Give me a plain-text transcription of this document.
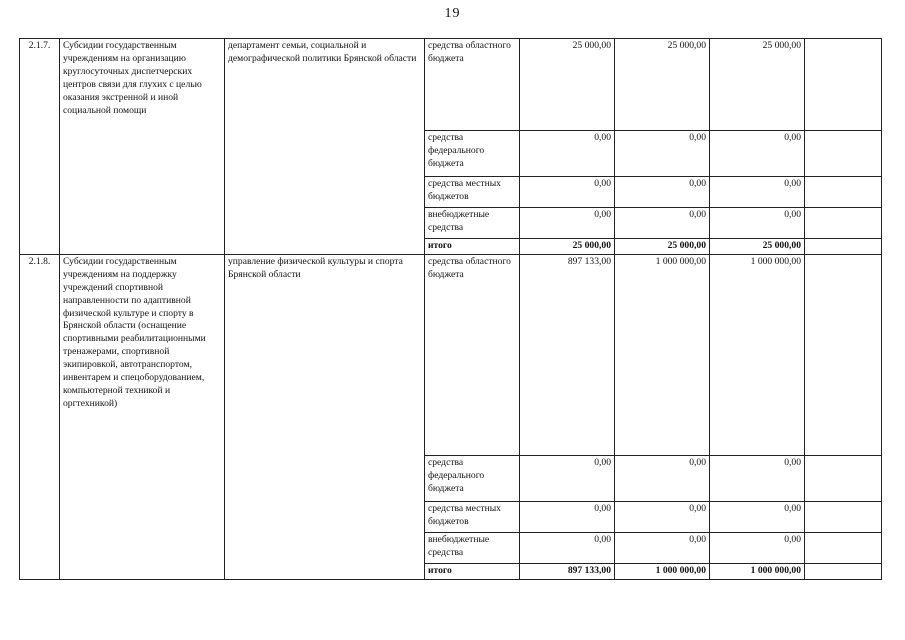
19
2.1.7.	Субсидии государственным учреждениям на организацию круглосуточных диспетчерских центров связи для глухих с целью оказания экстренной и иной социальной помощи	департамент семьи, социальной и демографической политики Брянской области	средства областного бюджета	25 000,00	25 000,00	25 000,00	
			средства федерального бюджета	0,00	0,00	0,00	
			средства местных бюджетов	0,00	0,00	0,00	
			внебюджетные средства	0,00	0,00	0,00	
			итого	25 000,00	25 000,00	25 000,00	
2.1.8.	Субсидии государственным учреждениям на поддержку учреждений спортивной направленности по адаптивной физической культуре и спорту в Брянской области (оснащение спортивными реабилитационными тренажерами, спортивной экипировкой, автотранспортом, инвентарем и спецоборудованием, компьютерной техникой и оргтехникой)	управление физической культуры и спорта Брянской области	средства областного бюджета	897 133,00	1 000 000,00	1 000 000,00	
			средства федерального бюджета	0,00	0,00	0,00	
			средства местных бюджетов	0,00	0,00	0,00	
			внебюджетные средства	0,00	0,00	0,00	
			итого	897 133,00	1 000 000,00	1 000 000,00	
